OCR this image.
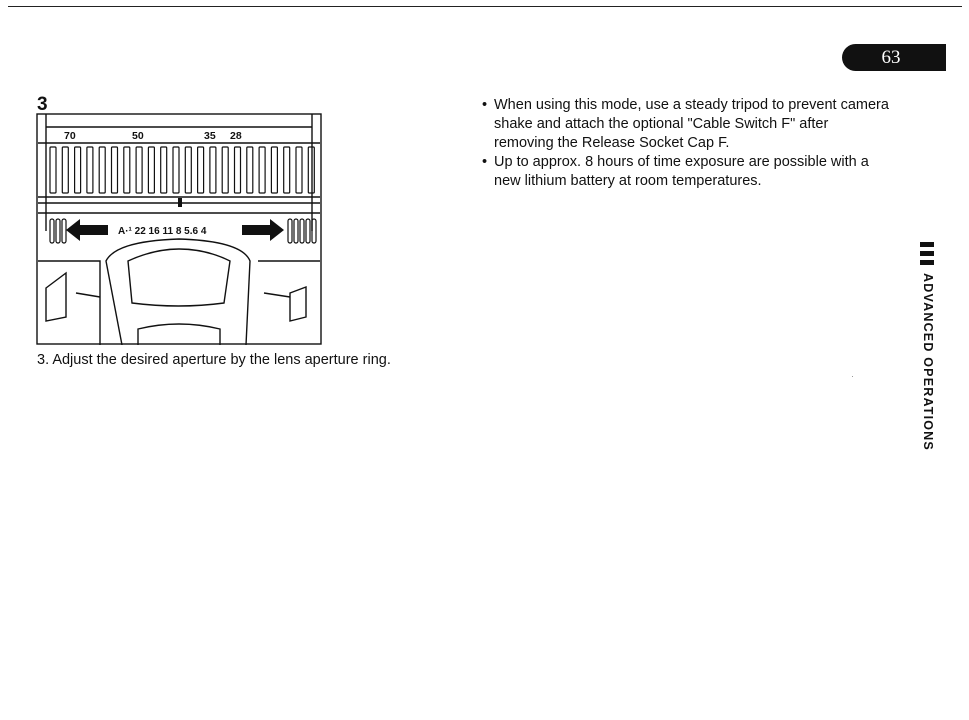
63
3
70	50	35 28
A·¹ 22 16 11 8 5.6 4
3. Adjust the desired aperture by the lens aperture ring.
• When using this mode, use a steady tripod to prevent camera shake and attach the optional "Cable Switch F" after removing the Release Socket Cap F.
• Up to approx. 8 hours of time exposure are possible with a new lithium battery at room temperatures.
ADVANCED OPERATIONS
